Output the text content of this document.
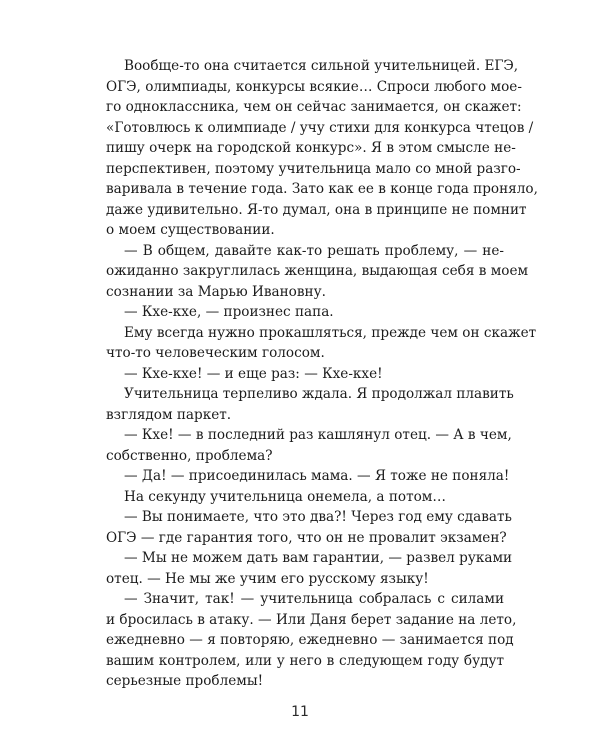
Вообще-то она считается сильной учительницей. ЕГЭ,
ОГЭ, олимпиады, конкурсы всякие… Спроси любого мое-
го одноклассника, чем он сейчас занимается, он скажет:
«Готовлюсь к олимпиаде / учу стихи для конкурса чтецов /
пишу очерк на городской конкурс». Я в этом смысле не-
перспективен, поэтому учительница мало со мной разго-
варивала в течение года. Зато как ее в конце года проняло,
даже удивительно. Я-то думал, она в принципе не помнит
о моем существовании.
— В общем, давайте как-то решать проблему, — не-
ожиданно закруглилась женщина, выдающая себя в моем
сознании за Марью Ивановну.
— Кхе-кхе, — произнес папа.
Ему всегда нужно прокашляться, прежде чем он скажет
что-то человеческим голосом.
— Кхе-кхе! — и еще раз: — Кхе-кхе!
Учительница терпеливо ждала. Я продолжал плавить
взглядом паркет.
— Кхе! — в последний раз кашлянул отец. — А в чем,
собственно, проблема?
— Да! — присоединилась мама. — Я тоже не поняла!
На секунду учительница онемела, а потом…
— Вы понимаете, что это два?! Через год ему сдавать
ОГЭ — где гарантия того, что он не провалит экзамен?
— Мы не можем дать вам гарантии, — развел руками
отец. — Не мы же учим его русскому языку!
— Значит, так! — учительница собралась с силами
и бросилась в атаку. — Или Даня берет задание на лето,
ежедневно — я повторяю, ежедневно — занимается под
вашим контролем, или у него в следующем году будут
серьезные проблемы!
11
